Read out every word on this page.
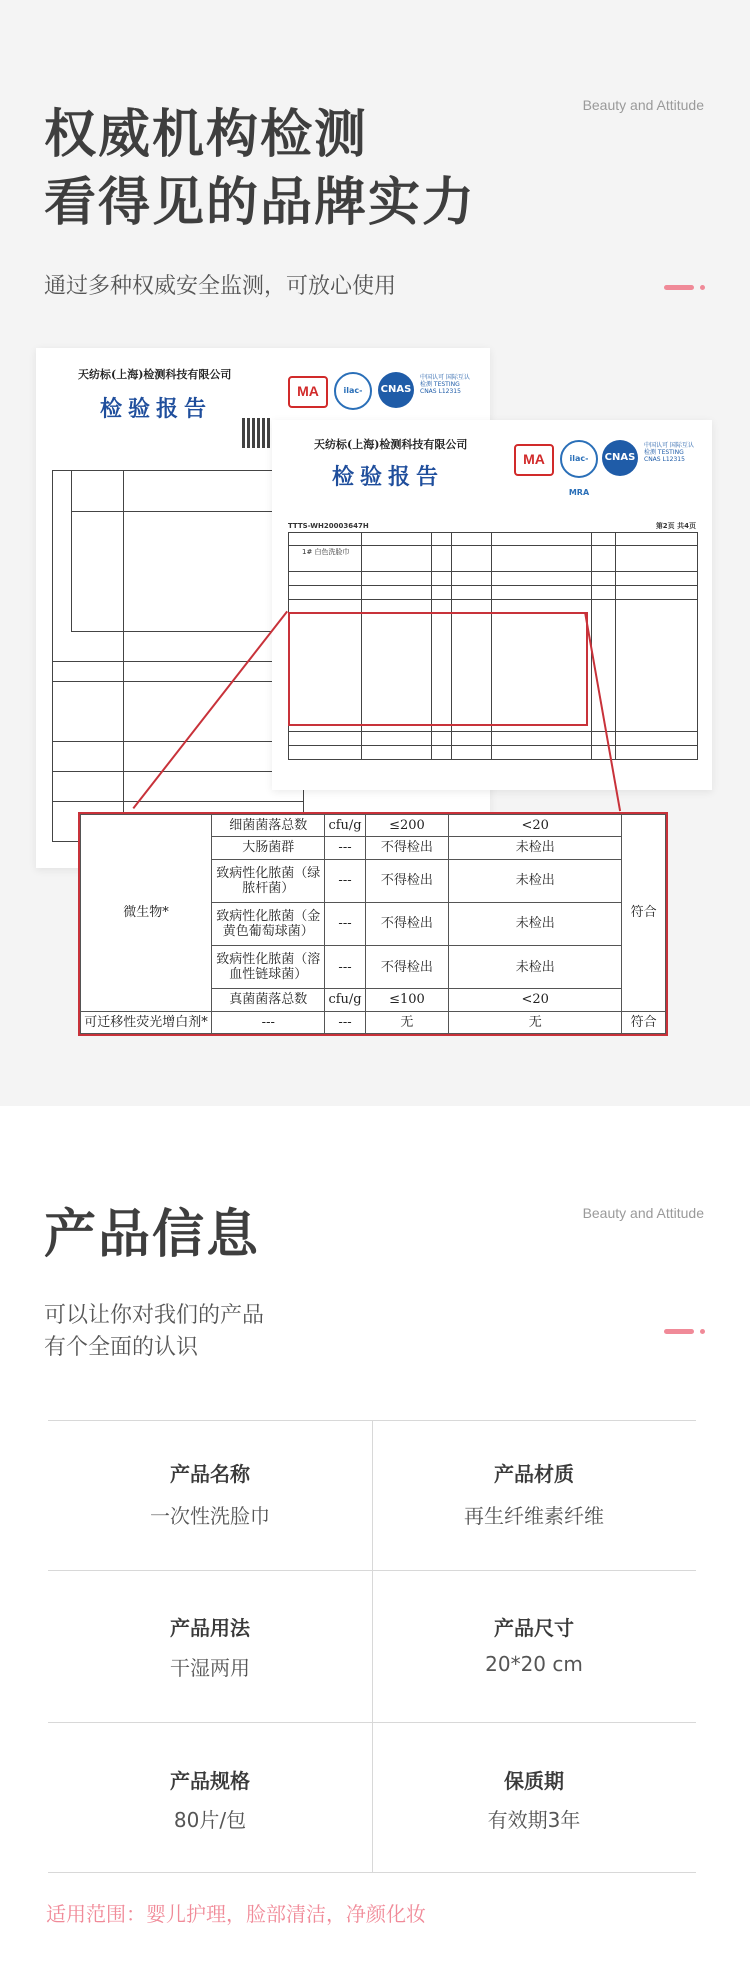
Beauty and Attitude
权威机构检测
看得见的品牌实力
通过多种权威安全监测，可放心使用
天纺标(上海)检测科技有限公司
检验报告
MA	ilac-	CNAS
中国认可 国际互认 检测 TESTING CNAS L12315
天纺标(上海)检测科技有限公司
检验报告
MA	ilac-MRA
CNAS
中国认可 国际互认 检测 TESTING CNAS L12315
TTTS-WH20003647H	第2页 共4页
1# 白色洗脸巾
微生物*	细菌菌落总数	cfu/g	≤200	<20	符合
	大肠菌群	---	不得检出	未检出	
	致病性化脓菌（绿脓杆菌）	---	不得检出	未检出	
	致病性化脓菌（金黄色葡萄球菌）	---	不得检出	未检出	
	致病性化脓菌（溶血性链球菌）	---	不得检出	未检出	
	真菌菌落总数	cfu/g	≤100	<20	
可迁移性荧光增白剂*	---	---	无	无	符合
Beauty and Attitude
产品信息
可以让你对我们的产品
有个全面的认识
产品名称
一次性洗脸巾
产品材质
再生纤维素纤维
产品用法
干湿两用
产品尺寸
20*20 cm
产品规格
80片/包
保质期
有效期3年
适用范围：婴儿护理，脸部清洁，净颜化妆
